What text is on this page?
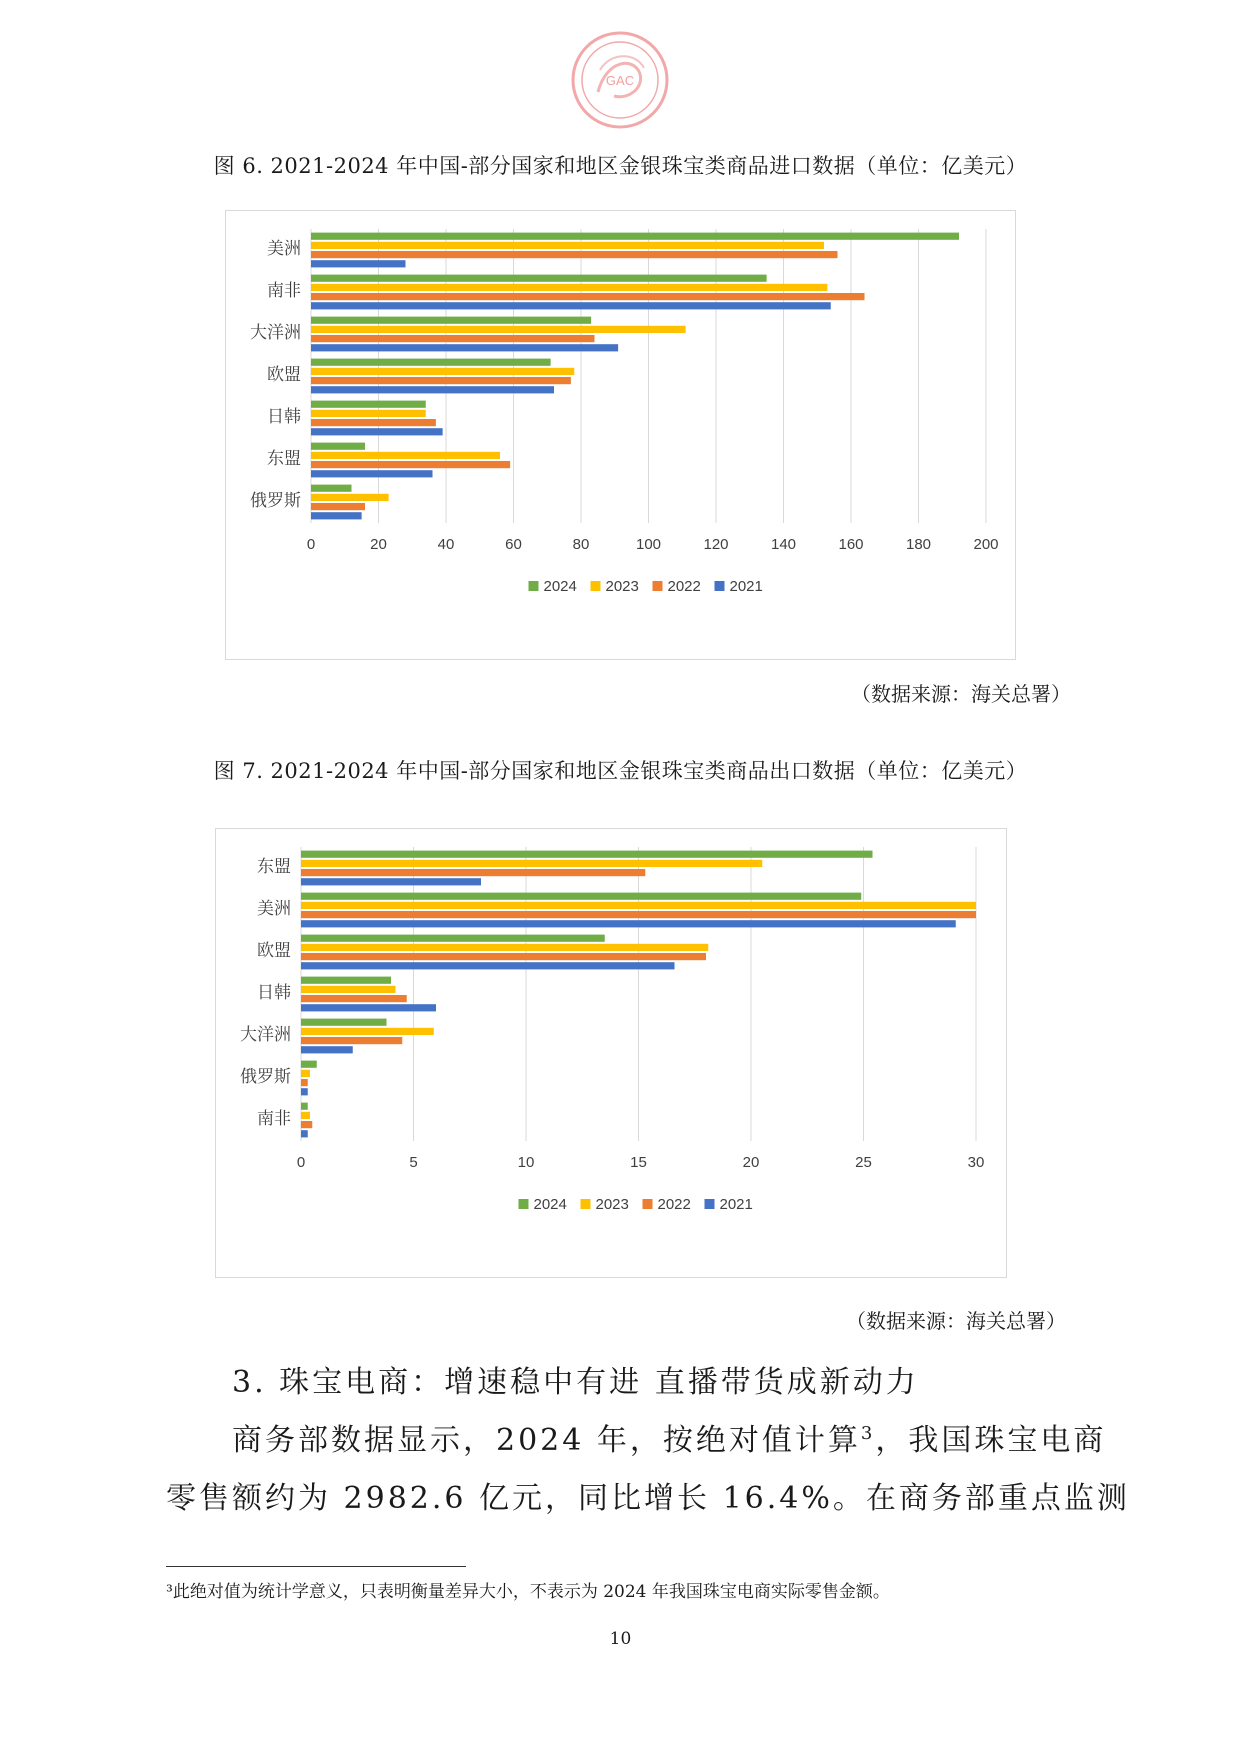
GAC
图 6. 2021-2024 年中国-部分国家和地区金银珠宝类商品进口数据（单位：亿美元）
0	20	40	60	80	100	120	140	160	180	200
美洲
南非
大洋洲
欧盟
日韩
东盟
俄罗斯
2024 2023 2022 2021
（数据来源：海关总署）
图 7. 2021-2024 年中国-部分国家和地区金银珠宝类商品出口数据（单位：亿美元）
0	5	10	15	20	25	30
东盟
美洲
欧盟
日韩
大洋洲
俄罗斯
南非
2024 2023 2022 2021
（数据来源：海关总署）
3. 珠宝电商：增速稳中有进 直播带货成新动力
商务部数据显示，2024 年，按绝对值计算$^3$，我国珠宝电商
零售额约为 2982.6 亿元，同比增长 16.4%。在商务部重点监测
³此绝对值为统计学意义，只表明衡量差异大小，不表示为 2024 年我国珠宝电商实际零售金额。
10
